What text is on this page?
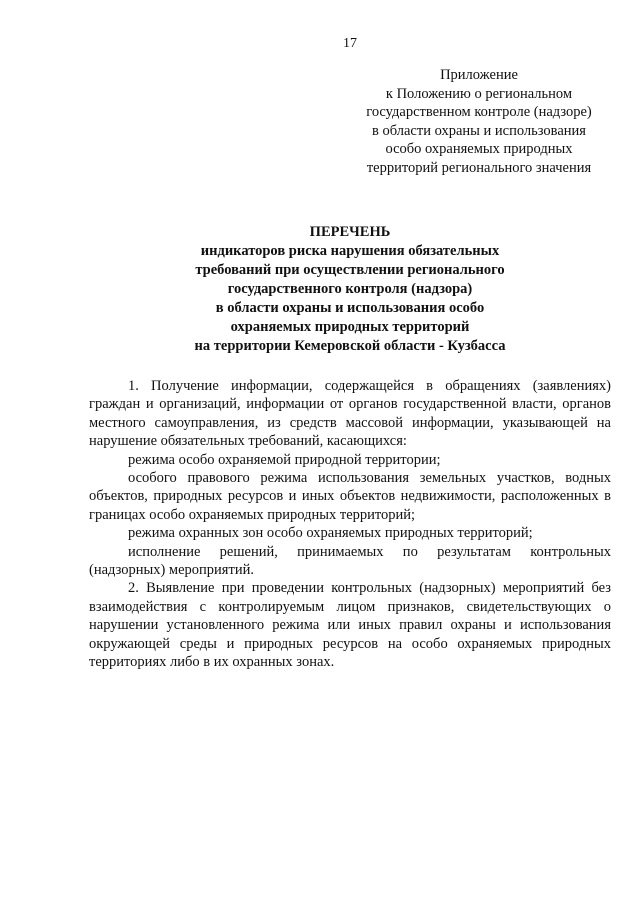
17
Приложение
к Положению о региональном
государственном контроле (надзоре)
в области охраны и использования
особо охраняемых природных
территорий регионального значения
ПЕРЕЧЕНЬ
индикаторов риска нарушения обязательных
требований при осуществлении регионального
государственного контроля (надзора)
в области охраны и использования особо
охраняемых природных территорий
на территории Кемеровской области - Кузбасса

1. Получение информации, содержащейся в обращениях (заявлениях) граждан и организаций, информации от органов государственной власти, органов местного самоуправления, из средств массовой информации, указывающей на нарушение обязательных требований, касающихся:

режима особо охраняемой природной территории;

особого правового режима использования земельных участков, водных объектов, природных ресурсов и иных объектов недвижимости, расположенных в границах особо охраняемых природных территорий;

режима охранных зон особо охраняемых природных территорий;

исполнение решений, принимаемых по результатам контрольных (надзорных) мероприятий.

2. Выявление при проведении контрольных (надзорных) мероприятий без взаимодействия с контролируемым лицом признаков, свидетельствующих о нарушении установленного режима или иных правил охраны и использования окружающей среды и природных ресурсов на особо охраняемых природных территориях либо в их охранных зонах.
